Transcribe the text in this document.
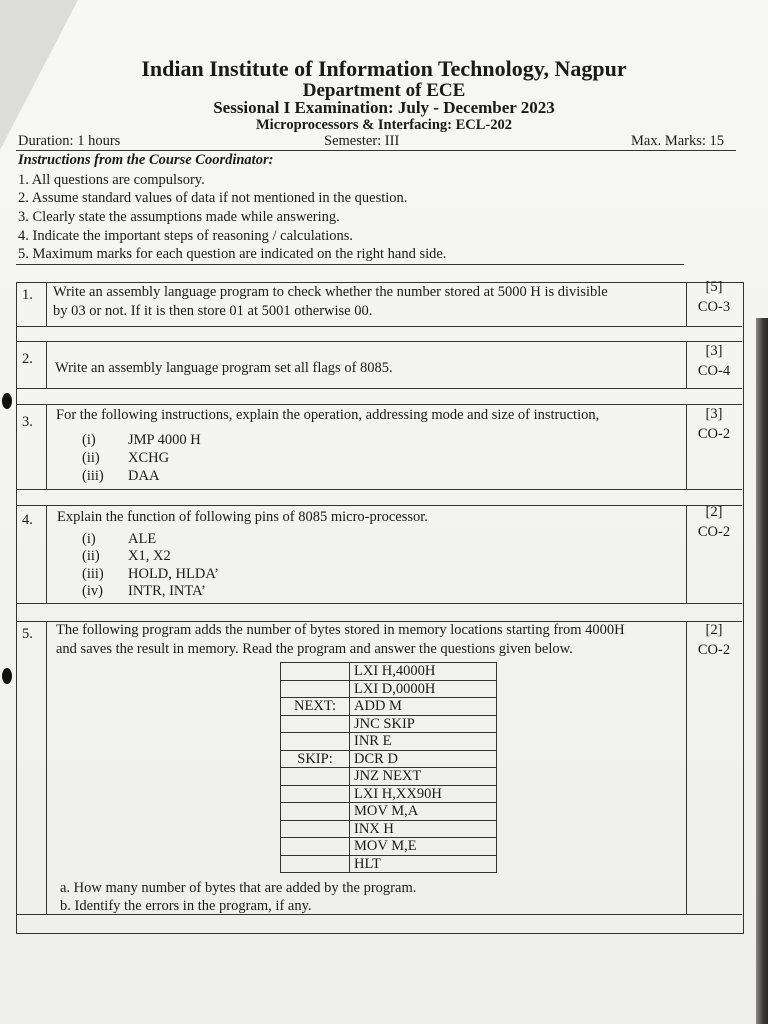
Indian Institute of Information Technology, Nagpur
Department of ECE
Sessional I Examination: July - December 2023
Microprocessors & Interfacing: ECL-202
Duration: 1 hours	Semester: III	Max. Marks: 15
Instructions from the Course Coordinator:
1. All questions are compulsory.
2. Assume standard values of data if not mentioned in the question.
3. Clearly state the assumptions made while answering.
4. Indicate the important steps of reasoning / calculations.
5. Maximum marks for each question are indicated on the right hand side.
1. Write an assembly language program to check whether the number stored at 5000 H is divisible
by 03 or not. If it is then store 01 at 5001 otherwise 00.
[5]
CO-3
2.
Write an assembly language program set all flags of 8085.
[3]
CO-4
3. For the following instructions, explain the operation, addressing mode and size of instruction,
(i) JMP 4000 H
(ii) XCHG
(iii) DAA
[3]
CO-2
4. Explain the function of following pins of 8085 micro-processor.
(i) ALE
(ii) X1, X2
(iii) HOLD, HLDA’
(iv) INTR, INTA’
[2]
CO-2
5. The following program adds the number of bytes stored in memory locations starting from 4000H
and saves the result in memory. Read the program and answer the questions given below.
[2]
CO-2
	LXI H,4000H
	LXI D,0000H
NEXT:	ADD M
	JNC SKIP
	INR E
SKIP:	DCR D
	JNZ NEXT
	LXI H,XX90H
	MOV M,A
	INX H
	MOV M,E
	HLT
a. How many number of bytes that are added by the program.
b. Identify the errors in the program, if any.
